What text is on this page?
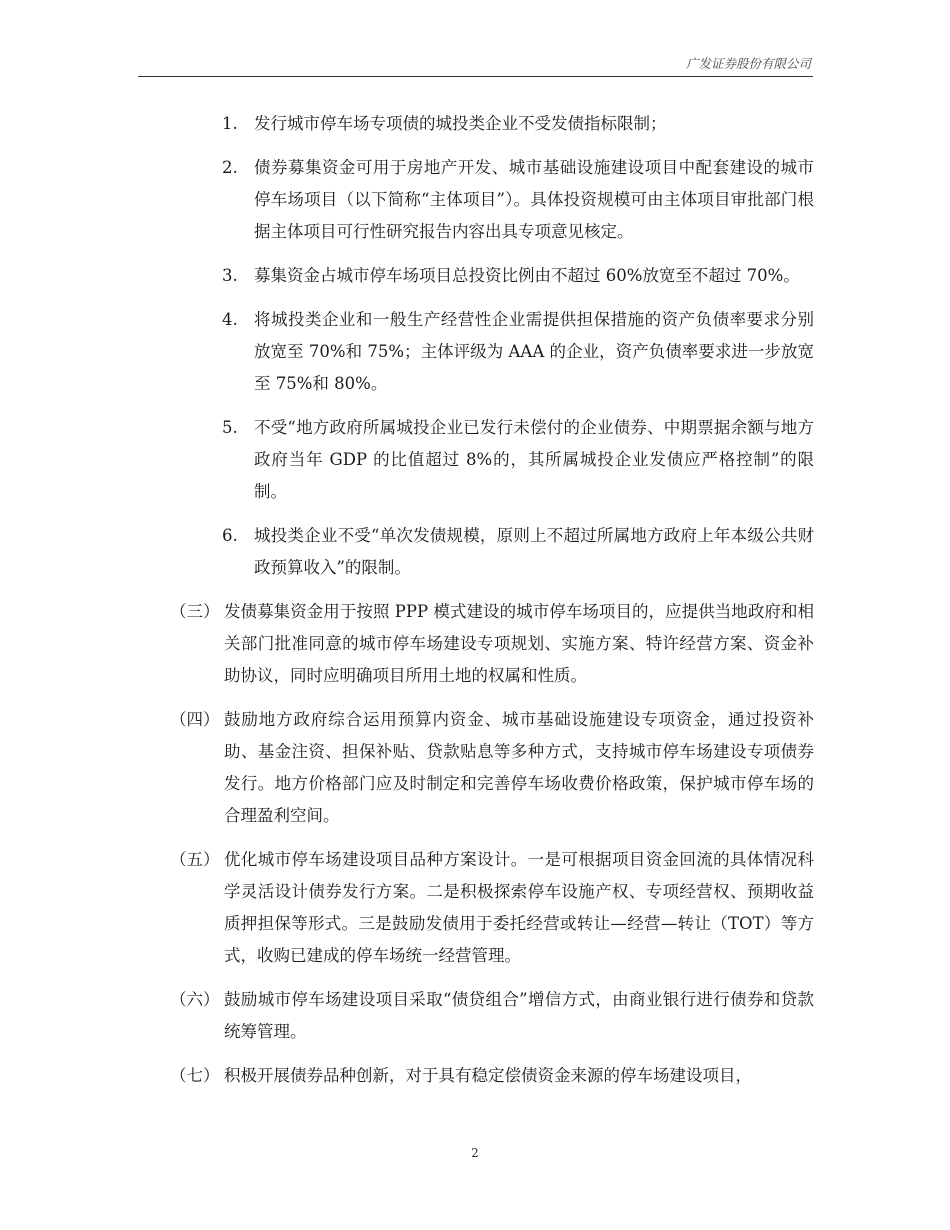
广发证券股份有限公司
1. 发行城市停车场专项债的城投类企业不受发债指标限制；
2. 债券募集资金可用于房地产开发、城市基础设施建设项目中配套建设的城市停车场项目（以下简称“主体项目”）。具体投资规模可由主体项目审批部门根据主体项目可行性研究报告内容出具专项意见核定。
3. 募集资金占城市停车场项目总投资比例由不超过 60%放宽至不超过 70%。
4. 将城投类企业和一般生产经营性企业需提供担保措施的资产负债率要求分别放宽至 70%和 75%；主体评级为 AAA 的企业，资产负债率要求进一步放宽至 75%和 80%。
5. 不受“地方政府所属城投企业已发行未偿付的企业债券、中期票据余额与地方政府当年 GDP 的比值超过 8%的，其所属城投企业发债应严格控制”的限制。
6. 城投类企业不受“单次发债规模，原则上不超过所属地方政府上年本级公共财政预算收入”的限制。
（三） 发债募集资金用于按照 PPP 模式建设的城市停车场项目的，应提供当地政府和相关部门批准同意的城市停车场建设专项规划、实施方案、特许经营方案、资金补助协议，同时应明确项目所用土地的权属和性质。
（四） 鼓励地方政府综合运用预算内资金、城市基础设施建设专项资金，通过投资补助、基金注资、担保补贴、贷款贴息等多种方式，支持城市停车场建设专项债券发行。地方价格部门应及时制定和完善停车场收费价格政策，保护城市停车场的合理盈利空间。
（五） 优化城市停车场建设项目品种方案设计。一是可根据项目资金回流的具体情况科学灵活设计债券发行方案。二是积极探索停车设施产权、专项经营权、预期收益质押担保等形式。三是鼓励发债用于委托经营或转让—经营—转让（TOT）等方式，收购已建成的停车场统一经营管理。
（六） 鼓励城市停车场建设项目采取“债贷组合”增信方式，由商业银行进行债券和贷款统筹管理。
（七） 积极开展债券品种创新，对于具有稳定偿债资金来源的停车场建设项目，
2
